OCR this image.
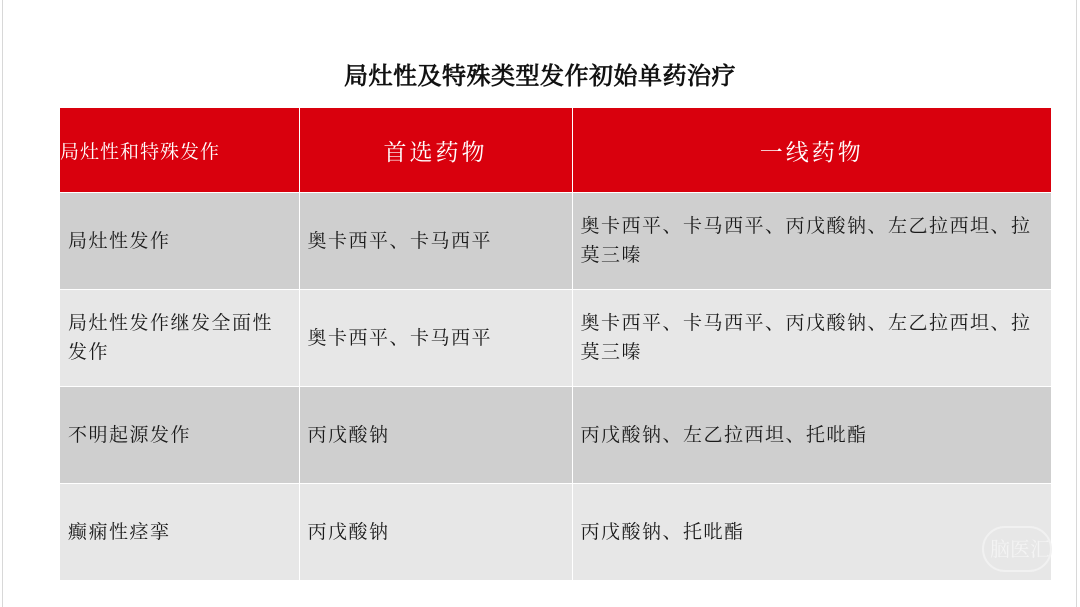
局灶性及特殊类型发作初始单药治疗
局灶性和特殊发作	首选药物	一线药物
局灶性发作	奥卡西平、卡马西平	奥卡西平、卡马西平、丙戊酸钠、左乙拉西坦、拉莫三嗪
局灶性发作继发全面性发作	奥卡西平、卡马西平	奥卡西平、卡马西平、丙戊酸钠、左乙拉西坦、拉莫三嗪
不明起源发作	丙戊酸钠	丙戊酸钠、左乙拉西坦、托吡酯
癫痫性痉挛	丙戊酸钠	丙戊酸钠、托吡酯
脑医汇
